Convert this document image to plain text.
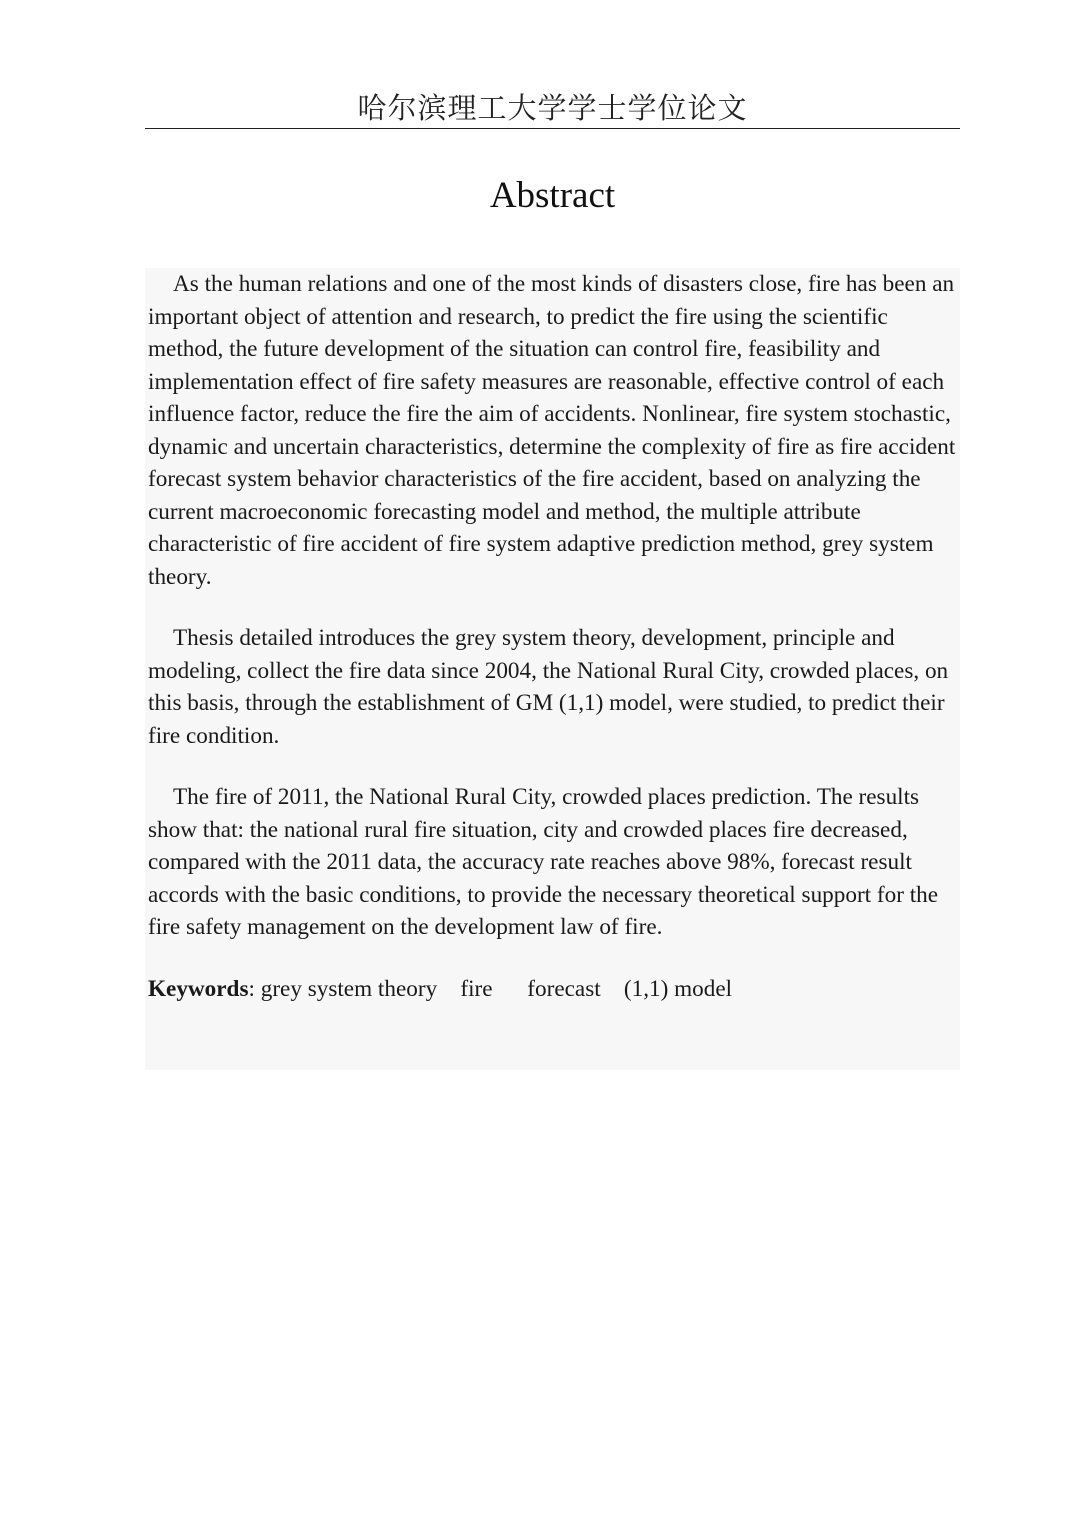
哈尔滨理工大学学士学位论文
Abstract

As the human relations and one of the most kinds of disasters close, fire has been an important object of attention and research, to predict the fire using the scientific method, the future development of the situation can control fire, feasibility and implementation effect of fire safety measures are reasonable, effective control of each influence factor, reduce the fire the aim of accidents. Nonlinear, fire system stochastic, dynamic and uncertain characteristics, determine the complexity of fire as fire accident forecast system behavior characteristics of the fire accident, based on analyzing the current macroeconomic forecasting model and method, the multiple attribute characteristic of fire accident of fire system adaptive prediction method, grey system theory.

Thesis detailed introduces the grey system theory, development, principle and modeling, collect the fire data since 2004, the National Rural City, crowded places, on this basis, through the establishment of GM (1,1) model, were studied, to predict their fire condition.

The fire of 2011, the National Rural City, crowded places prediction. The results show that: the national rural fire situation, city and crowded places fire decreased, compared with the 2011 data, the accuracy rate reaches above 98%, forecast result accords with the basic conditions, to provide the necessary theoretical support for the fire safety management on the development law of fire.

Keywords: grey system theory    fire      forecast    (1,1) model
